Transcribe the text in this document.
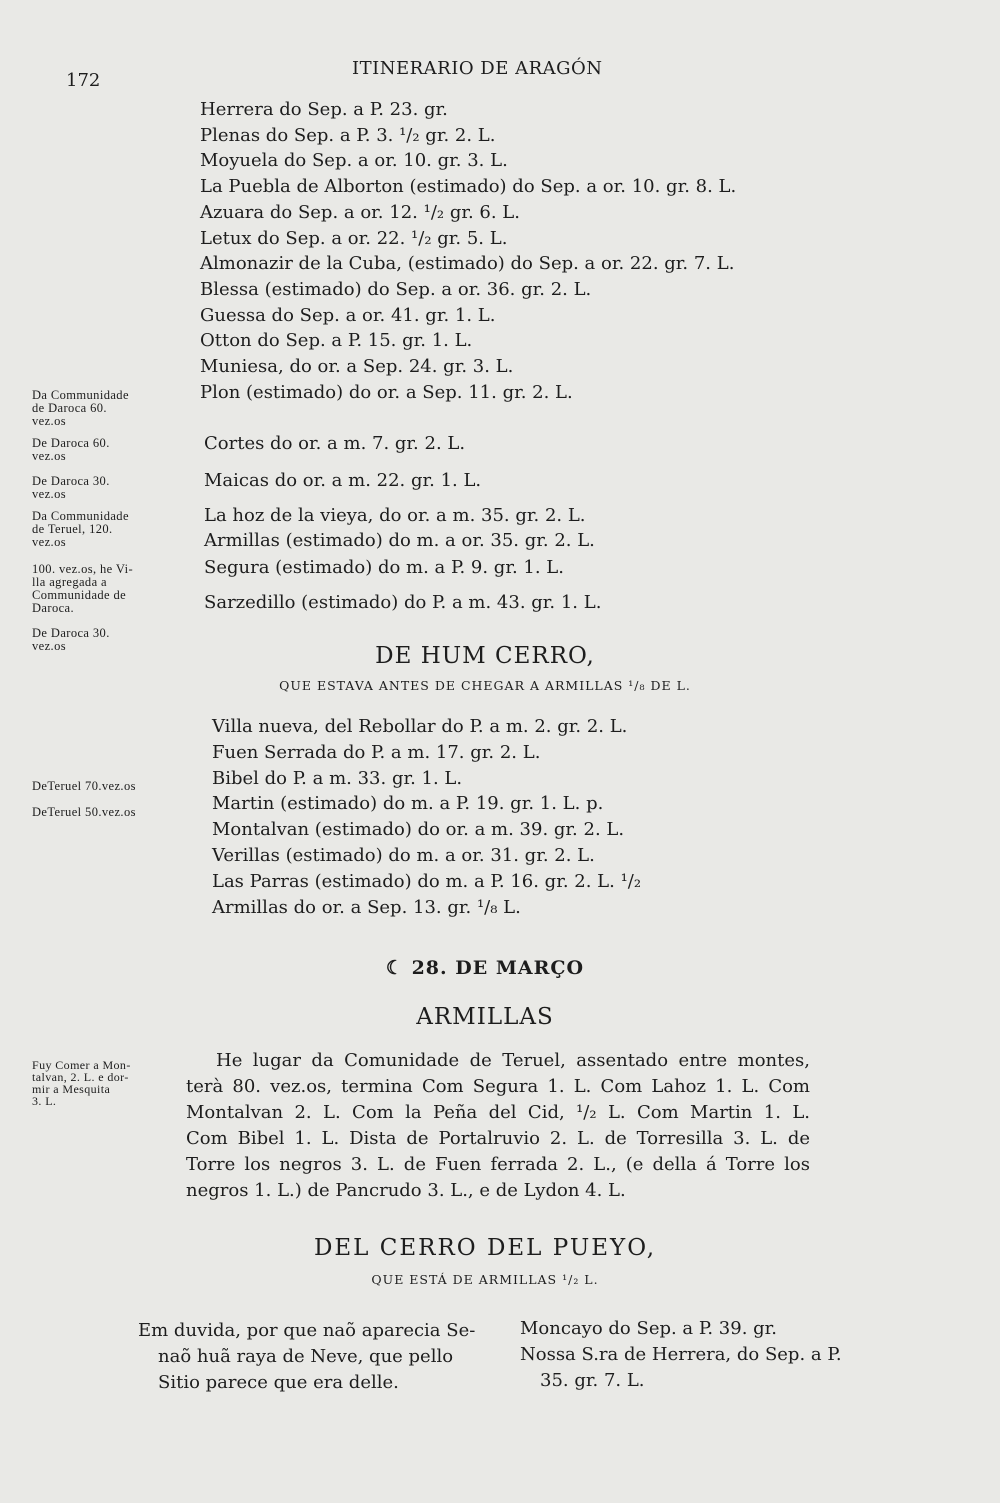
172
ITINERARIO DE ARAGÓN
Herrera do Sep. a P. 23. gr.
Plenas do Sep. a P. 3. ¹/₂ gr. 2. L.
Moyuela do Sep. a or. 10. gr. 3. L.
La Puebla de Alborton (estimado) do Sep. a or. 10. gr. 8. L.
Azuara do Sep. a or. 12. ¹/₂ gr. 6. L.
Letux do Sep. a or. 22. ¹/₂ gr. 5. L.
Almonazir de la Cuba, (estimado) do Sep. a or. 22. gr. 7. L.
Blessa (estimado) do Sep. a or. 36. gr. 2. L.
Guessa do Sep. a or. 41. gr. 1. L.
Otton do Sep. a P. 15. gr. 1. L.
Muniesa, do or. a Sep. 24. gr. 3. L.
Plon (estimado) do or. a Sep. 11. gr. 2. L.
Cortes do or. a m. 7. gr. 2. L.
Maicas do or. a m. 22. gr. 1. L.
La hoz de la vieya, do or. a m. 35. gr. 2. L.
Armillas (estimado) do m. a or. 35. gr. 2. L.
Segura (estimado) do m. a P. 9. gr. 1. L.
Sarzedillo (estimado) do P. a m. 43. gr. 1. L.
Da Communidade
de Daroca 60.
vez.os
De Daroca 60.
vez.os
De Daroca 30.
vez.os
Da Communidade
de Teruel, 120.
vez.os
100. vez.os, he Vi-
lla agregada a
Communidade de
Daroca.
De Daroca 30.
vez.os	DE HUM CERRO,
QUE ESTAVA ANTES DE CHEGAR A ARMILLAS ¹/₈ DE L.
Villa nueva, del Rebollar do P. a m. 2. gr. 2. L.
Fuen Serrada do P. a m. 17. gr. 2. L.
Bibel do P. a m. 33. gr. 1. L.
Martin (estimado) do m. a P. 19. gr. 1. L. p.
Montalvan (estimado) do or. a m. 39. gr. 2. L.
Verillas (estimado) do m. a or. 31. gr. 2. L.
Las Parras (estimado) do m. a P. 16. gr. 2. L. ¹/₂
Armillas do or. a Sep. 13. gr. ¹/₈ L.
DeTeruel 70.vez.os
DeTeruel 50.vez.os
☾ 28. DE MARÇO
ARMILLAS
Fuy Comer a Mon-
talvan, 2. L. e dor-
mir a Mesquita
3. L.
He lugar da Comunidade de Teruel, assentado entre montes,
terà 80. vez.os, termina Com Segura 1. L. Com Lahoz 1. L. Com
Montalvan 2. L. Com la Peña del Cid, ¹/₂ L. Com Martin 1. L.
Com Bibel 1. L. Dista de Portalruvio 2. L. de Torresilla 3. L. de
Torre los negros 3. L. de Fuen ferrada 2. L., (e della á Torre los
negros 1. L.) de Pancrudo 3. L., e de Lydon 4. L.
DEL CERRO DEL PUEYO,
QUE ESTÁ DE ARMILLAS ¹/₂ L.
Em duvida, por que naõ aparecia Se-
naõ huã raya de Neve, que pello
Sitio parece que era delle.
Moncayo do Sep. a P. 39. gr.
Nossa S.ra de Herrera, do Sep. a P.
35. gr. 7. L.
